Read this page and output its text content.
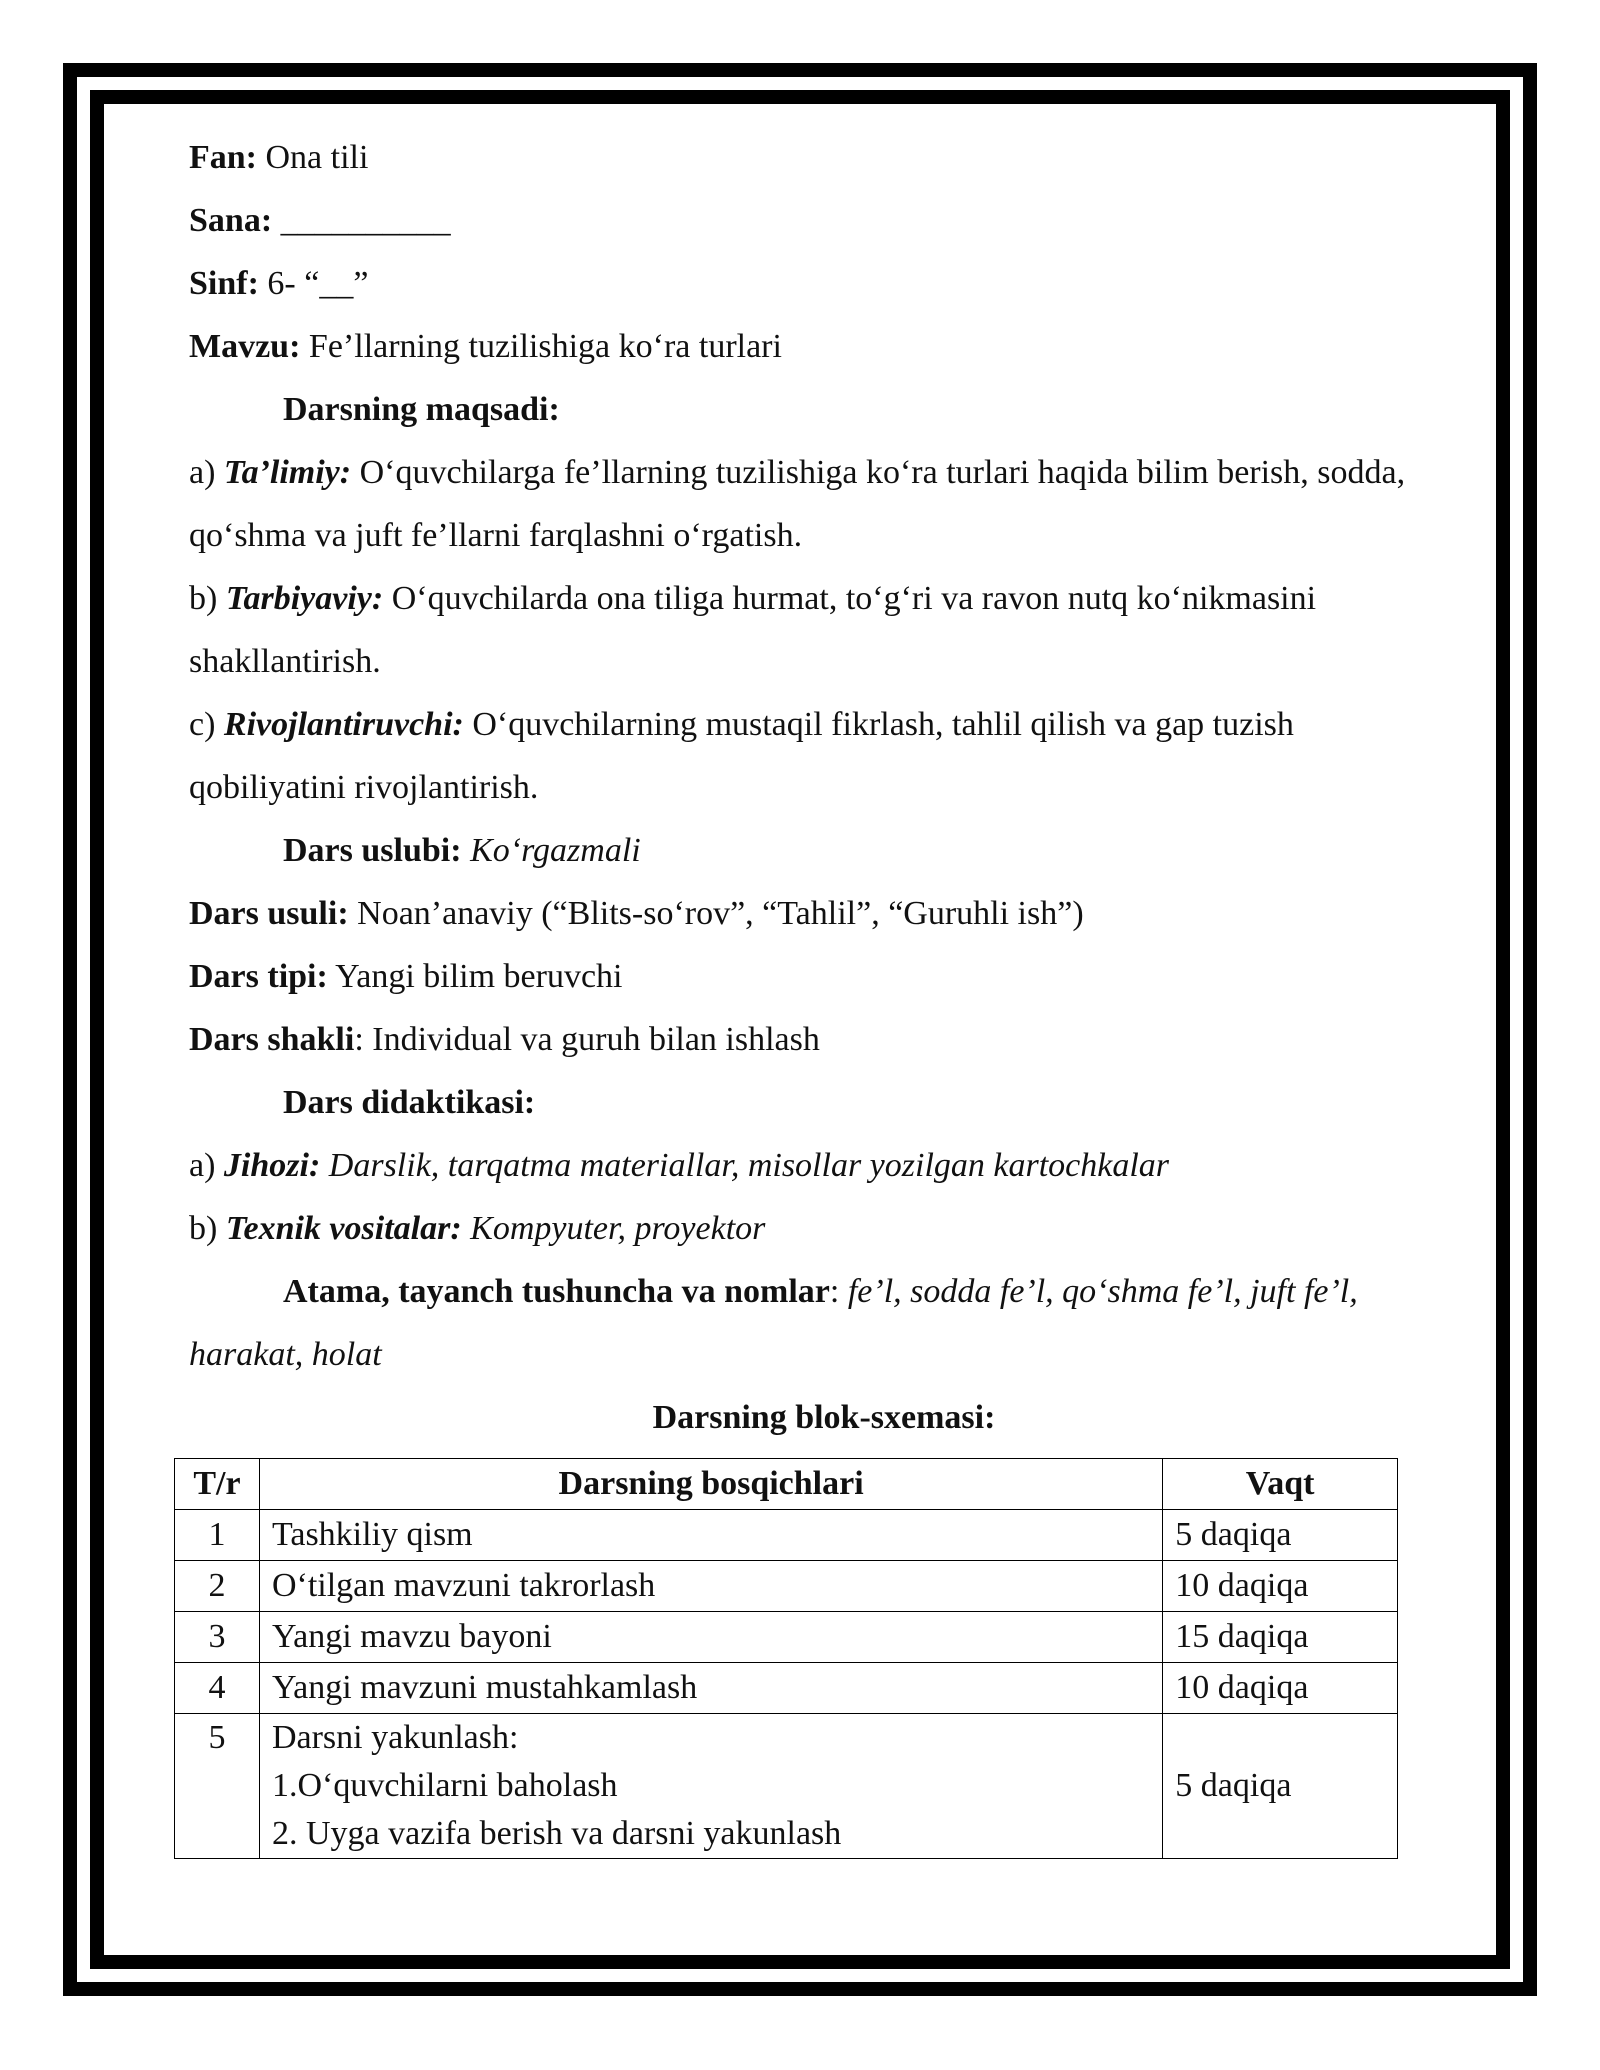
Fan: Ona tili

Sana: __________

Sinf: 6- “__”

Mavzu: Fe’llarning tuzilishiga ko‘ra turlari

Darsning maqsadi:

a) Ta’limiy: O‘quvchilarga fe’llarning tuzilishiga ko‘ra turlari haqida bilim berish, sodda, qo‘shma va juft fe’llarni farqlashni o‘rgatish.

b) Tarbiyaviy: O‘quvchilarda ona tiliga hurmat, to‘g‘ri va ravon nutq ko‘nikmasini shakllantirish.

c) Rivojlantiruvchi: O‘quvchilarning mustaqil fikrlash, tahlil qilish va gap tuzish qobiliyatini rivojlantirish.

Dars uslubi: Ko‘rgazmali

Dars usuli: Noan’anaviy (“Blits-so‘rov”, “Tahlil”, “Guruhli ish”)

Dars tipi: Yangi bilim beruvchi

Dars shakli: Individual va guruh bilan ishlash

Dars didaktikasi:

a) Jihozi: Darslik, tarqatma materiallar, misollar yozilgan kartochkalar

b) Texnik vositalar: Kompyuter, proyektor

Atama, tayanch tushuncha va nomlar: fe’l, sodda fe’l, qo‘shma fe’l, juft fe’l, harakat, holat

Darsning blok-sxemasi:

T/r	Darsning bosqichlari	Vaqt
1	Tashkiliy qism	5 daqiqa
2	O‘tilgan mavzuni takrorlash	10 daqiqa
3	Yangi mavzu bayoni	15 daqiqa
4	Yangi mavzuni mustahkamlash	10 daqiqa
5	Darsni yakunlash:
1.O‘quvchilarni baholash
2. Uyga vazifa berish va darsni yakunlash	5 daqiqa
